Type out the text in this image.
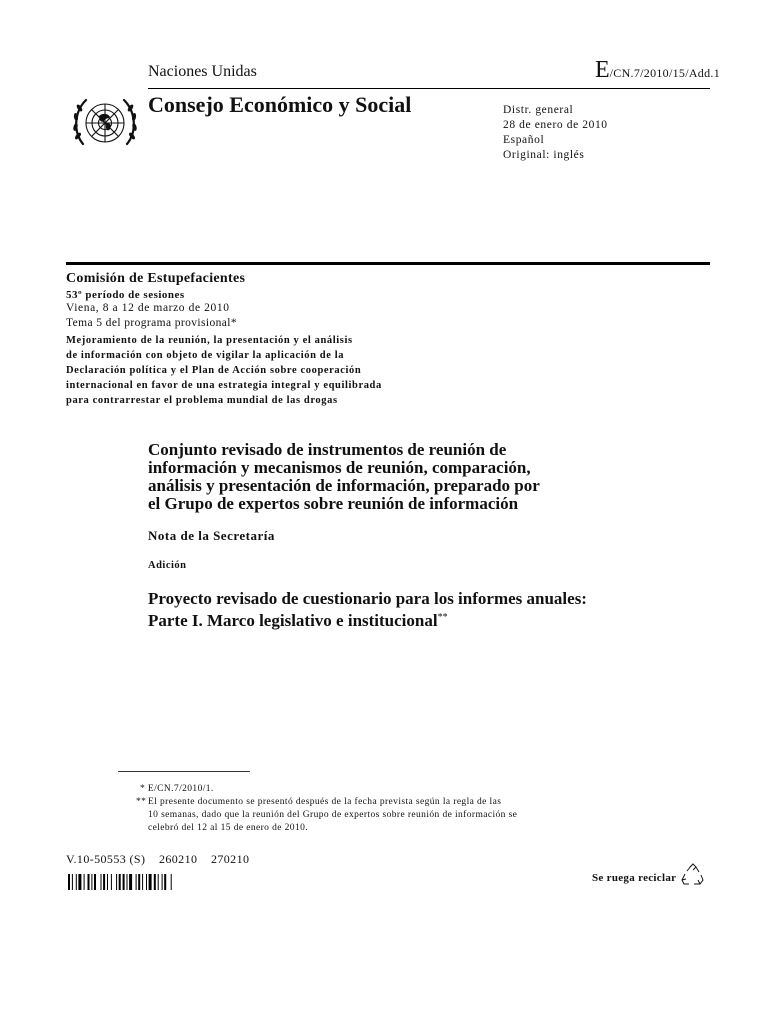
Naciones Unidas	E/CN.7/2010/15/Add.1
Consejo Económico y Social	Distr. general
28 de enero de 2010
Español
Original: inglés
Comisión de Estupefacientes
53º período de sesiones
Viena, 8 a 12 de marzo de 2010
Tema 5 del programa provisional*
Mejoramiento de la reunión, la presentación y el análisis
de información con objeto de vigilar la aplicación de la
Declaración política y el Plan de Acción sobre cooperación
internacional en favor de una estrategia integral y equilibrada
para contrarrestar el problema mundial de las drogas
Conjunto revisado de instrumentos de reunión de
información y mecanismos de reunión, comparación,
análisis y presentación de información, preparado por
el Grupo de expertos sobre reunión de información
Nota de la Secretaría
Adición
Proyecto revisado de cuestionario para los informes anuales:
Parte I. Marco legislativo e institucional**
* E/CN.7/2010/1.
** El presente documento se presentó después de la fecha prevista según la regla de las
10 semanas, dado que la reunión del Grupo de expertos sobre reunión de información se
celebró del 12 al 15 de enero de 2010.
V.10-50553 (S)    260210    270210
Se ruega reciclar
